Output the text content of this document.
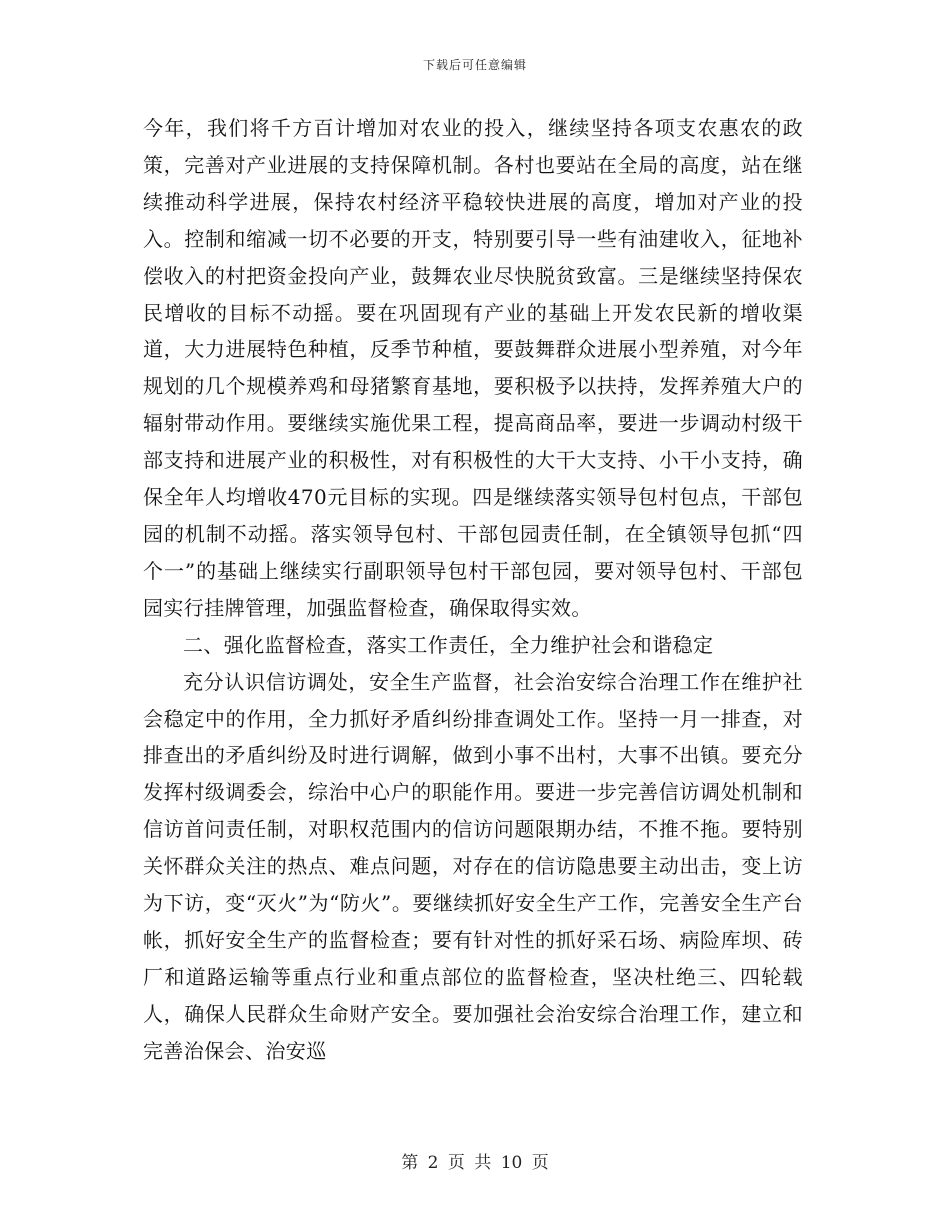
下载后可任意编辑

今年，我们将千方百计增加对农业的投入，继续坚持各项支农惠农的政策，完善对产业进展的支持保障机制。各村也要站在全局的高度，站在继续推动科学进展，保持农村经济平稳较快进展的高度，增加对产业的投入。控制和缩减一切不必要的开支，特别要引导一些有油建收入，征地补偿收入的村把资金投向产业，鼓舞农业尽快脱贫致富。三是继续坚持保农民增收的目标不动摇。要在巩固现有产业的基础上开发农民新的增收渠道，大力进展特色种植，反季节种植，要鼓舞群众进展小型养殖，对今年规划的几个规模养鸡和母猪繁育基地，要积极予以扶持，发挥养殖大户的辐射带动作用。要继续实施优果工程，提高商品率，要进一步调动村级干部支持和进展产业的积极性，对有积极性的大干大支持、小干小支持，确保全年人均增收470元目标的实现。四是继续落实领导包村包点，干部包园的机制不动摇。落实领导包村、干部包园责任制，在全镇领导包抓“四个一”的基础上继续实行副职领导包村干部包园，要对领导包村、干部包园实行挂牌管理，加强监督检查，确保取得实效。

二、强化监督检查，落实工作责任，全力维护社会和谐稳定

充分认识信访调处，安全生产监督，社会治安综合治理工作在维护社会稳定中的作用，全力抓好矛盾纠纷排查调处工作。坚持一月一排查，对排查出的矛盾纠纷及时进行调解，做到小事不出村，大事不出镇。要充分发挥村级调委会，综治中心户的职能作用。要进一步完善信访调处机制和信访首问责任制，对职权范围内的信访问题限期办结，不推不拖。要特别关怀群众关注的热点、难点问题，对存在的信访隐患要主动出击，变上访为下访，变“灭火”为“防火”。要继续抓好安全生产工作，完善安全生产台帐，抓好安全生产的监督检查；要有针对性的抓好采石场、病险库坝、砖厂和道路运输等重点行业和重点部位的监督检查，坚决杜绝三、四轮载人，确保人民群众生命财产安全。要加强社会治安综合治理工作，建立和完善治保会、治安巡

第 2 页 共 10 页
